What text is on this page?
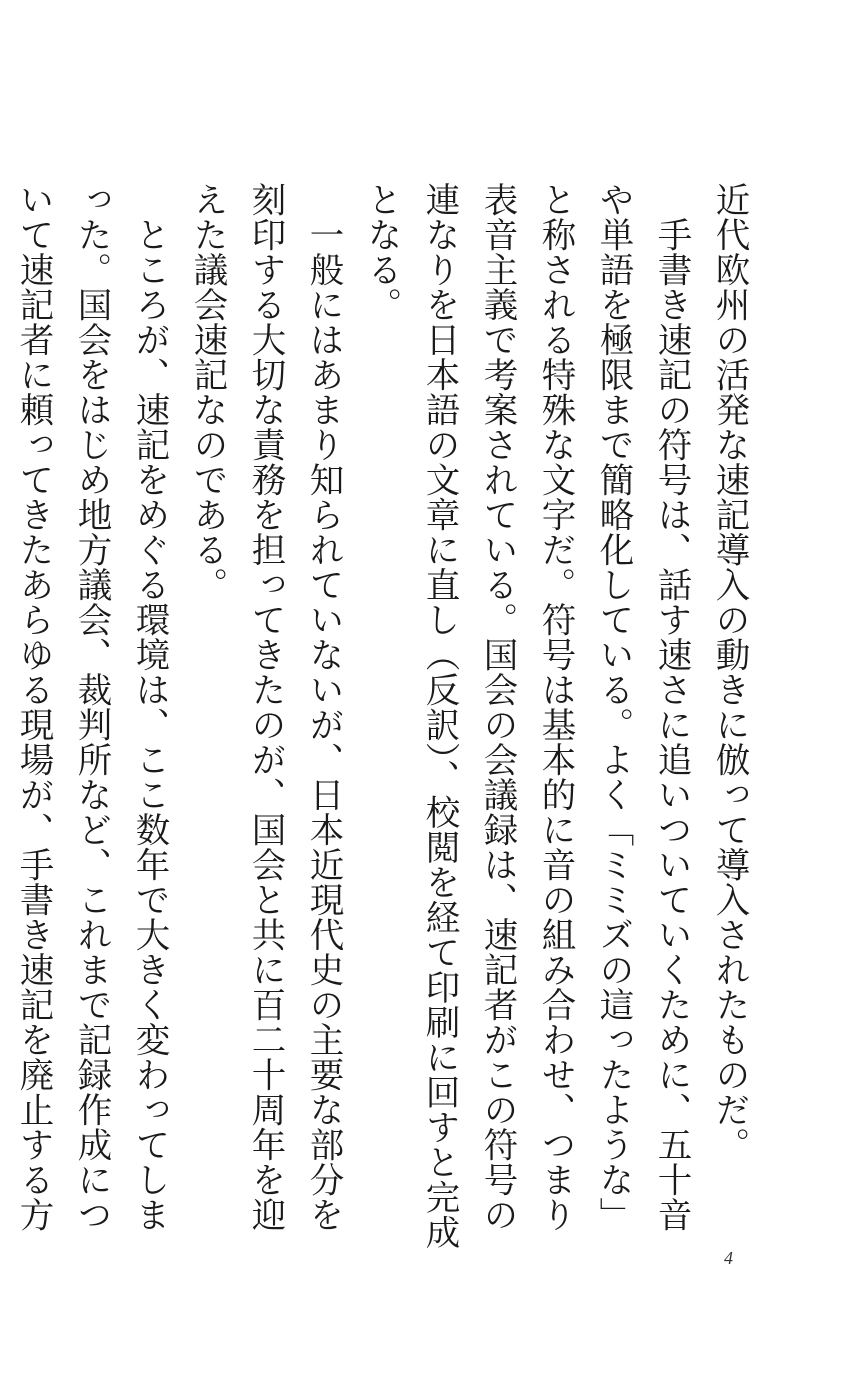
近代欧州の活発な速記導入の動きに倣って導入されたものだ。

手書き速記の符号は、話す速さに追いついていくために、五十音や単語を極限まで簡略化している。よく「ミミズの這ったような」と称される特殊な文字だ。符号は基本的に音の組み合わせ、つまり表音主義で考案されている。国会の会議録は、速記者がこの符号の連なりを日本語の文章に直し（反訳）、校閲を経て印刷に回すと完成となる。

一般にはあまり知られていないが、日本近現代史の主要な部分を刻印する大切な責務を担ってきたのが、国会と共に百二十周年を迎えた議会速記なのである。

ところが、速記をめぐる環境は、ここ数年で大きく変わってしまった。国会をはじめ地方議会、裁判所など、これまで記録作成について速記者に頼ってきたあらゆる現場が、手書き速記を廃止する方

4
